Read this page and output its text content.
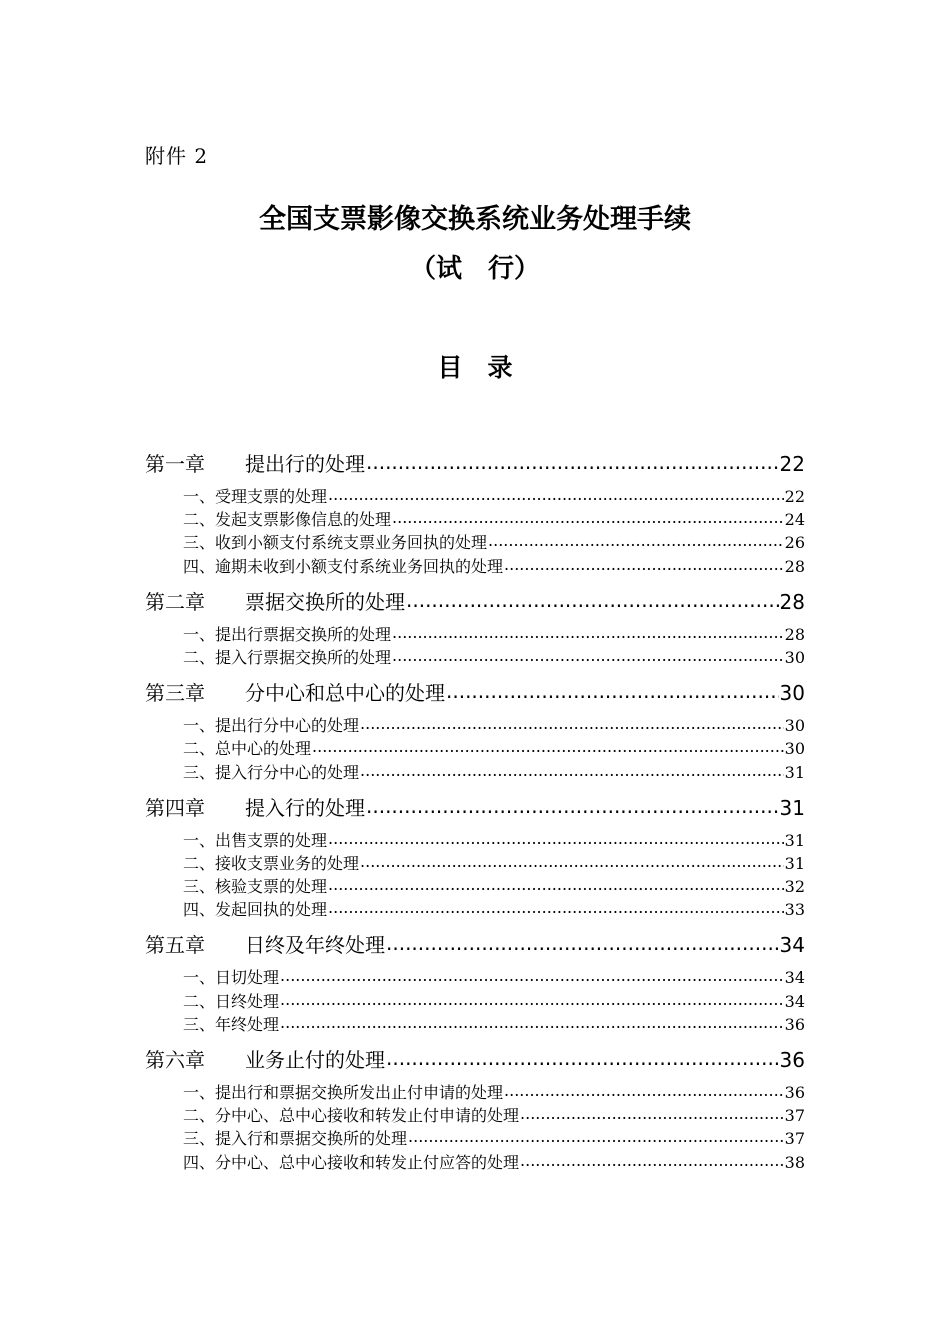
附件 2
全国支票影像交换系统业务处理手续
（试　行）
目　录
第一章	提出行的处理 .....	22
一、受理支票的处理 .....	22
二、发起支票影像信息的处理 .....	24
三、收到小额支付系统支票业务回执的处理 .....	26
四、逾期未收到小额支付系统业务回执的处理 .....	28
第二章	票据交换所的处理 .....	28
一、提出行票据交换所的处理 .....	28
二、提入行票据交换所的处理 .....	30
第三章	分中心和总中心的处理 .....	30
一、提出行分中心的处理 .....	30
二、总中心的处理 .....	30
三、提入行分中心的处理 .....	31
第四章	提入行的处理 .....	31
一、出售支票的处理 .....	31
二、接收支票业务的处理 .....	31
三、核验支票的处理 .....	32
四、发起回执的处理 .....	33
第五章	日终及年终处理 .....	34
一、日切处理 .....	34
二、日终处理 .....	34
三、年终处理 .....	36
第六章	业务止付的处理 .....	36
一、提出行和票据交换所发出止付申请的处理 .....	36
二、分中心、总中心接收和转发止付申请的处理 .....	37
三、提入行和票据交换所的处理 .....	37
四、分中心、总中心接收和转发止付应答的处理 .....	38
